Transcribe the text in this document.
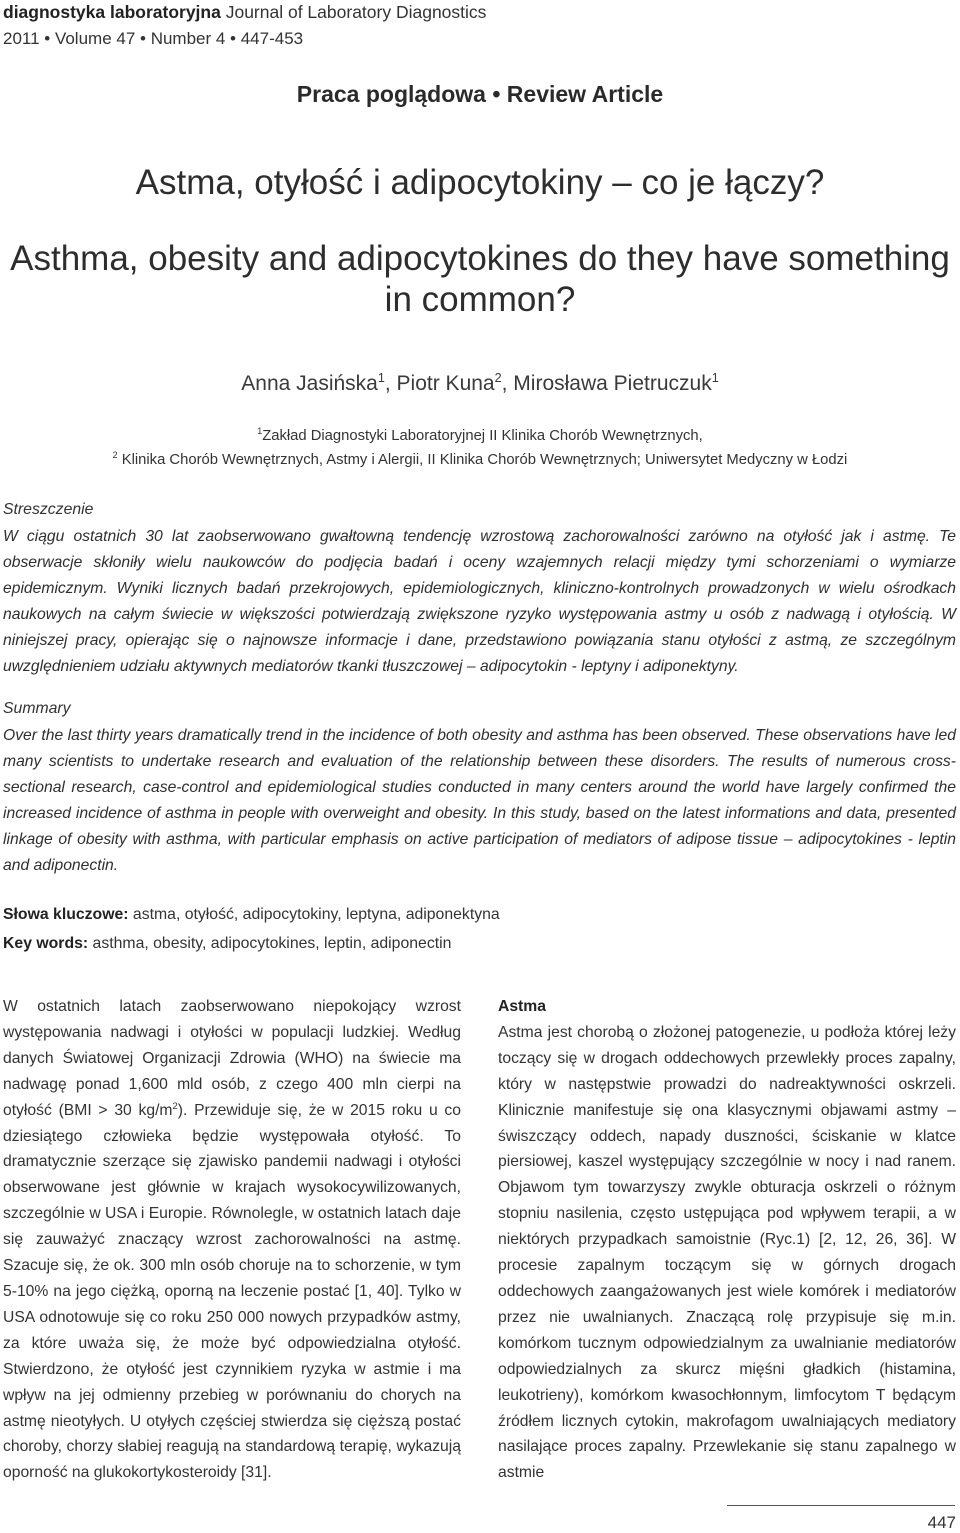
diagnostyka laboratoryjna Journal of Laboratory Diagnostics
2011 • Volume 47 • Number 4 • 447-453
Praca poglądowa • Review Article
Astma, otyłość i adipocytokiny – co je łączy?
Asthma, obesity and adipocytokines do they have something in common?
Anna Jasińska$^1$, Piotr Kuna$^2$, Mirosława Pietruczuk$^1$
$^1$Zakład Diagnostyki Laboratoryjnej II Klinika Chorób Wewnętrznych,
$^2$ Klinika Chorób Wewnętrznych, Astmy i Alergii, II Klinika Chorób Wewnętrznych; Uniwersytet Medyczny w Łodzi
Streszczenie
W ciągu ostatnich 30 lat zaobserwowano gwałtowną tendencję wzrostową zachorowalności zarówno na otyłość jak i astmę. Te obserwacje skłoniły wielu naukowców do podjęcia badań i oceny wzajemnych relacji między tymi schorzeniami o wymiarze epidemicznym. Wyniki licznych badań przekrojowych, epidemiologicznych, kliniczno-kontrolnych prowadzonych w wielu ośrodkach naukowych na całym świecie w większości potwierdzają zwiększone ryzyko występowania astmy u osób z nadwagą i otyłością. W niniejszej pracy, opierając się o najnowsze informacje i dane, przedstawiono powiązania stanu otyłości z astmą, ze szczególnym uwzględnieniem udziału aktywnych mediatorów tkanki tłuszczowej – adipocytokin - leptyny i adiponektyny.
Summary
Over the last thirty years dramatically trend in the incidence of both obesity and asthma has been observed. These observations have led many scientists to undertake research and evaluation of the relationship between these disorders. The results of numerous cross-sectional research, case-control and epidemiological studies conducted in many centers around the world have largely confirmed the increased incidence of asthma in people with overweight and obesity. In this study, based on the latest informations and data, presented linkage of obesity with asthma, with particular emphasis on active participation of mediators of adipose tissue – adipocytokines - leptin and adiponectin.
Słowa kluczowe: astma, otyłość, adipocytokiny, leptyna, adiponektyna
Key words: asthma, obesity, adipocytokines, leptin, adiponectin
W ostatnich latach zaobserwowano niepokojący wzrost występowania nadwagi i otyłości w populacji ludzkiej. Według danych Światowej Organizacji Zdrowia (WHO) na świecie ma nadwagę ponad 1,600 mld osób, z czego 400 mln cierpi na otyłość (BMI > 30 $kg/m^2$). Przewiduje się, że w 2015 roku u co dziesiątego człowieka będzie występowała otyłość. To dramatycznie szerzące się zjawisko pandemii nadwagi i otyłości obserwowane jest głównie w krajach wysokocywilizowanych, szczególnie w USA i Europie. Równolegle, w ostatnich latach daje się zauważyć znaczący wzrost zachorowalności na astmę. Szacuje się, że ok. 300 mln osób choruje na to schorzenie, w tym 5-10% na jego ciężką, oporną na leczenie postać [1, 40]. Tylko w USA odnotowuje się co roku 250 000 nowych przypadków astmy, za które uważa się, że może być odpowiedzialna otyłość. Stwierdzono, że otyłość jest czynnikiem ryzyka w astmie i ma wpływ na jej odmienny przebieg w porównaniu do chorych na astmę nieotyłych. U otyłych częściej stwierdza się cięższą postać choroby, chorzy słabiej reagują na standardową terapię, wykazują oporność na glukokortykosteroidy [31].
Astma
Astma jest chorobą o złożonej patogenezie, u podłoża której leży toczący się w drogach oddechowych przewlekły proces zapalny, który w następstwie prowadzi do nadreaktywności oskrzeli. Klinicznie manifestuje się ona klasycznymi objawami astmy – świszczący oddech, napady duszności, ściskanie w klatce piersiowej, kaszel występujący szczególnie w nocy i nad ranem. Objawom tym towarzyszy zwykle obturacja oskrzeli o różnym stopniu nasilenia, często ustępująca pod wpływem terapii, a w niektórych przypadkach samoistnie (Ryc.1) [2, 12, 26, 36]. W procesie zapalnym toczącym się w górnych drogach oddechowych zaangażowanych jest wiele komórek i mediatorów przez nie uwalnianych. Znaczącą rolę przypisuje się m.in. komórkom tucznym odpowiedzialnym za uwalnianie mediatorów odpowiedzialnych za skurcz mięśni gładkich (histamina, leukotrieny), komórkom kwasochłonnym, limfocytom T będącym źródłem licznych cytokin, makrofagom uwalniających mediatory nasilające proces zapalny. Przewlekanie się stanu zapalnego w astmie
447
